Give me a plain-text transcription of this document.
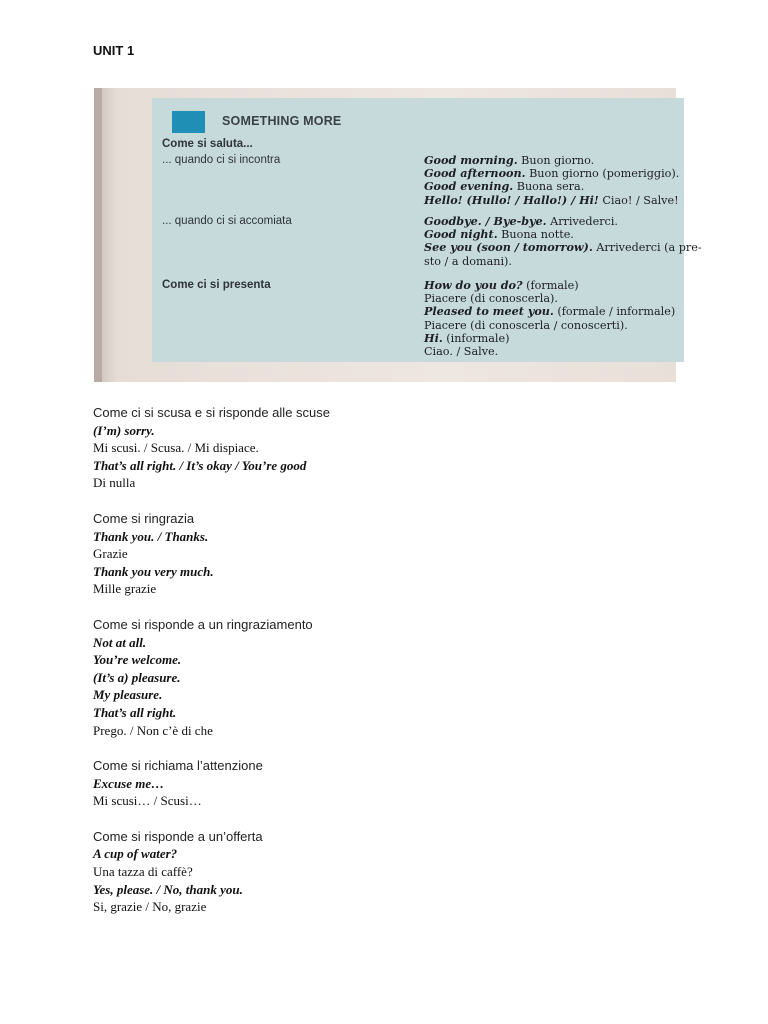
UNIT 1
SOMETHING MORE
Come si saluta...
... quando ci si incontra	Good morning. Buon giorno.
Good afternoon. Buon giorno (pomeriggio).
Good evening. Buona sera.
Hello! (Hullo! / Hallo!) / Hi! Ciao! / Salve!
... quando ci si accomiata	Goodbye. / Bye-bye. Arrivederci.
Good night. Buona notte.
See you (soon / tomorrow). Arrivederci (a pre-
sto / a domani).
Come ci si presenta	How do you do? (formale)
Piacere (di conoscerla).
Pleased to meet you. (formale / informale)
Piacere (di conoscerla / conoscerti).
Hi. (informale)
Ciao. / Salve.
Come ci si scusa e si risponde alle scuse
(I’m) sorry.
Mi scusi. / Scusa. / Mi dispiace.
That’s all right. / It’s okay / You’re good
Di nulla
Come si ringrazia
Thank you. / Thanks.
Grazie
Thank you very much.
Mille grazie
Come si risponde a un ringraziamento
Not at all.
You’re welcome.
(It’s a) pleasure.
My pleasure.
That’s all right.
Prego. / Non c’è di che
Come si richiama l’attenzione
Excuse me…
Mi scusi… / Scusi…
Come si risponde a un’offerta
A cup of water?
Una tazza di caffè?
Yes, please. / No, thank you.
Si, grazie / No, grazie
